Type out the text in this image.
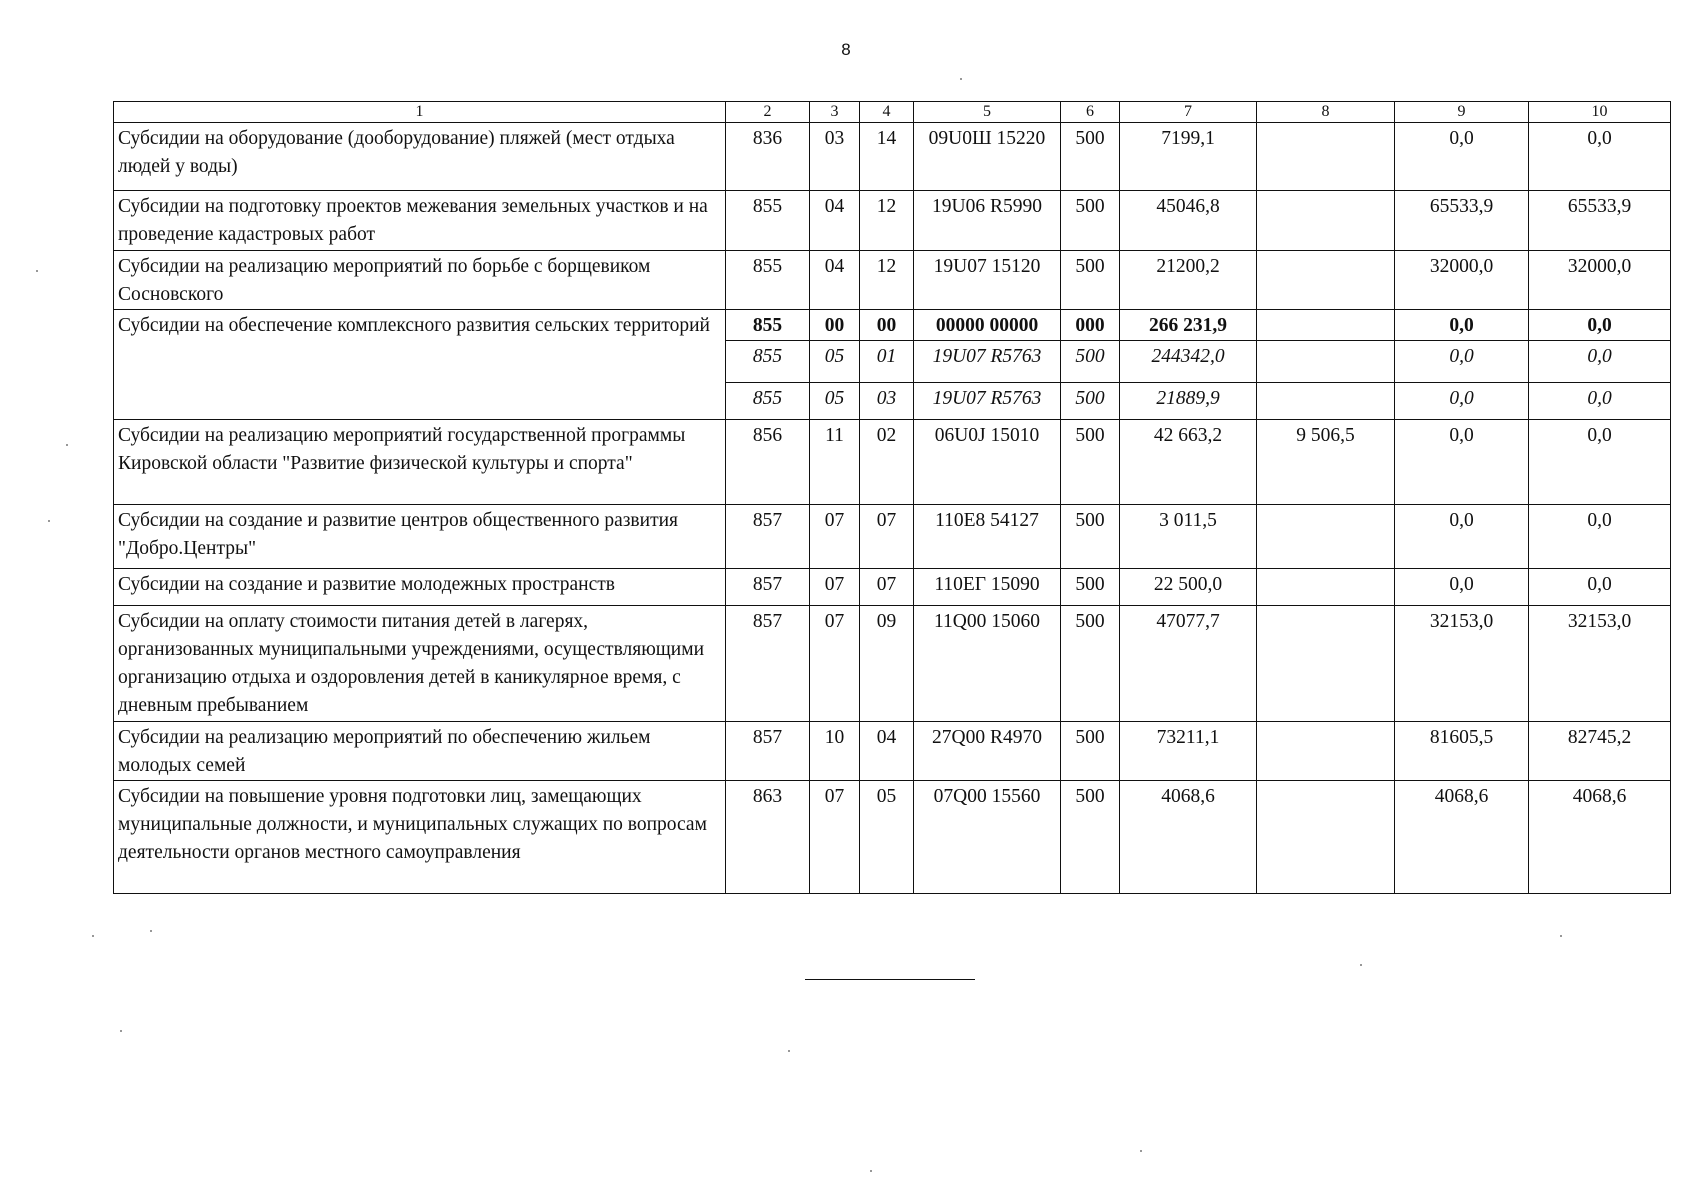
8
1	2	3	4	5	6	7	8	9	10
Субсидии на оборудование (дооборудование) пляжей (мест отдыха людей у воды)	836	03	14	09U0Ш 15220	500	7199,1		0,0	0,0
Субсидии на подготовку проектов межевания земельных участков и на проведение кадастровых работ	855	04	12	19U06 R5990	500	45046,8		65533,9	65533,9
Субсидии на реализацию мероприятий по борьбе с борщевиком Сосновского	855	04	12	19U07 15120	500	21200,2		32000,0	32000,0
Субсидии на обеспечение комплексного развития сельских территорий	855	00	00	00000 00000	000	266 231,9		0,0	0,0
	855	05	01	19U07 R5763	500	244342,0		0,0	0,0
	855	05	03	19U07 R5763	500	21889,9		0,0	0,0
Субсидии на реализацию мероприятий государственной программы Кировской области "Развитие физической культуры и спорта"	856	11	02	06U0J 15010	500	42 663,2	9 506,5	0,0	0,0
Субсидии на создание и развитие центров общественного развития "Добро.Центры"	857	07	07	110E8 54127	500	3 011,5		0,0	0,0
Субсидии на создание и развитие молодежных пространств	857	07	07	110ЕГ 15090	500	22 500,0		0,0	0,0
Субсидии на оплату стоимости питания детей в лагерях, организованных муниципальными учреждениями, осуществляющими организацию отдыха и оздоровления детей в каникулярное время, с дневным пребыванием	857	07	09	11Q00 15060	500	47077,7		32153,0	32153,0
Субсидии на реализацию мероприятий по обеспечению жильем молодых семей	857	10	04	27Q00 R4970	500	73211,1		81605,5	82745,2
Субсидии на повышение уровня подготовки лиц, замещающих муниципальные должности, и муниципальных служащих по вопросам деятельности органов местного самоуправления	863	07	05	07Q00 15560	500	4068,6		4068,6	4068,6
